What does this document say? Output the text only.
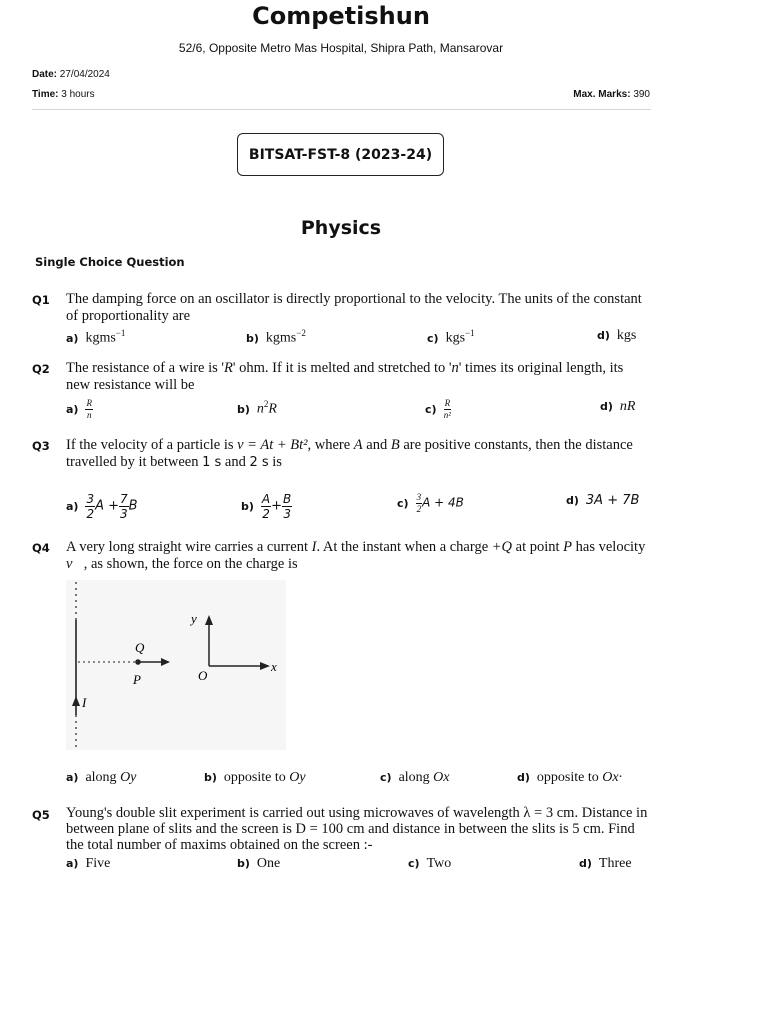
Competishun
52/6, Opposite Metro Mas Hospital, Shipra Path, Mansarovar
Date: 27/04/2024
Time: 3 hours	Max. Marks: 390
BITSAT-FST-8 (2023-24)
Physics
Single Choice Question
Q1 The damping force on an oscillator is directly proportional to the velocity. The units of the constant of proportionality are
a) kgms$^{-1}$	b) kgms$^{-2}$	c) kgs$^{-1}$	d) kgs
Q2 The resistance of a wire is 'R' ohm. If it is melted and stretched to 'n' times its original length, its new resistance will be
$a) \frac{R}{n}$	b) $n^2R$	$c) \frac{R}{\text{n²}}$	d) nR
Q3 If the velocity of a particle is v = At + Bt², where A and B are positive constants, then the distance travelled by it between 1 s and 2 s is
$a) \frac{3}{2}$ $A + \frac{7}{3}$ B	$b) \frac{A}{2} + \frac{B}{3}$	$c) \frac{3}{2}$ A + 4B	d) 3A + 7B
Q4 A very long straight wire carries a current I. At the instant when a charge +Q at point P has velocity v⃗, as shown, the force on the charge is
I
Q
P
y
x
O
a) along Oy	b) opposite to Oy	c) along Ox	d) opposite to Ox·
Q5 Young's double slit experiment is carried out using microwaves of wavelength λ = 3 cm. Distance in between plane of slits and the screen is D = 100 cm and distance in between the slits is 5 cm. Find the total number of maxims obtained on the screen :-
a) Five	b) One	c) Two	d) Three
